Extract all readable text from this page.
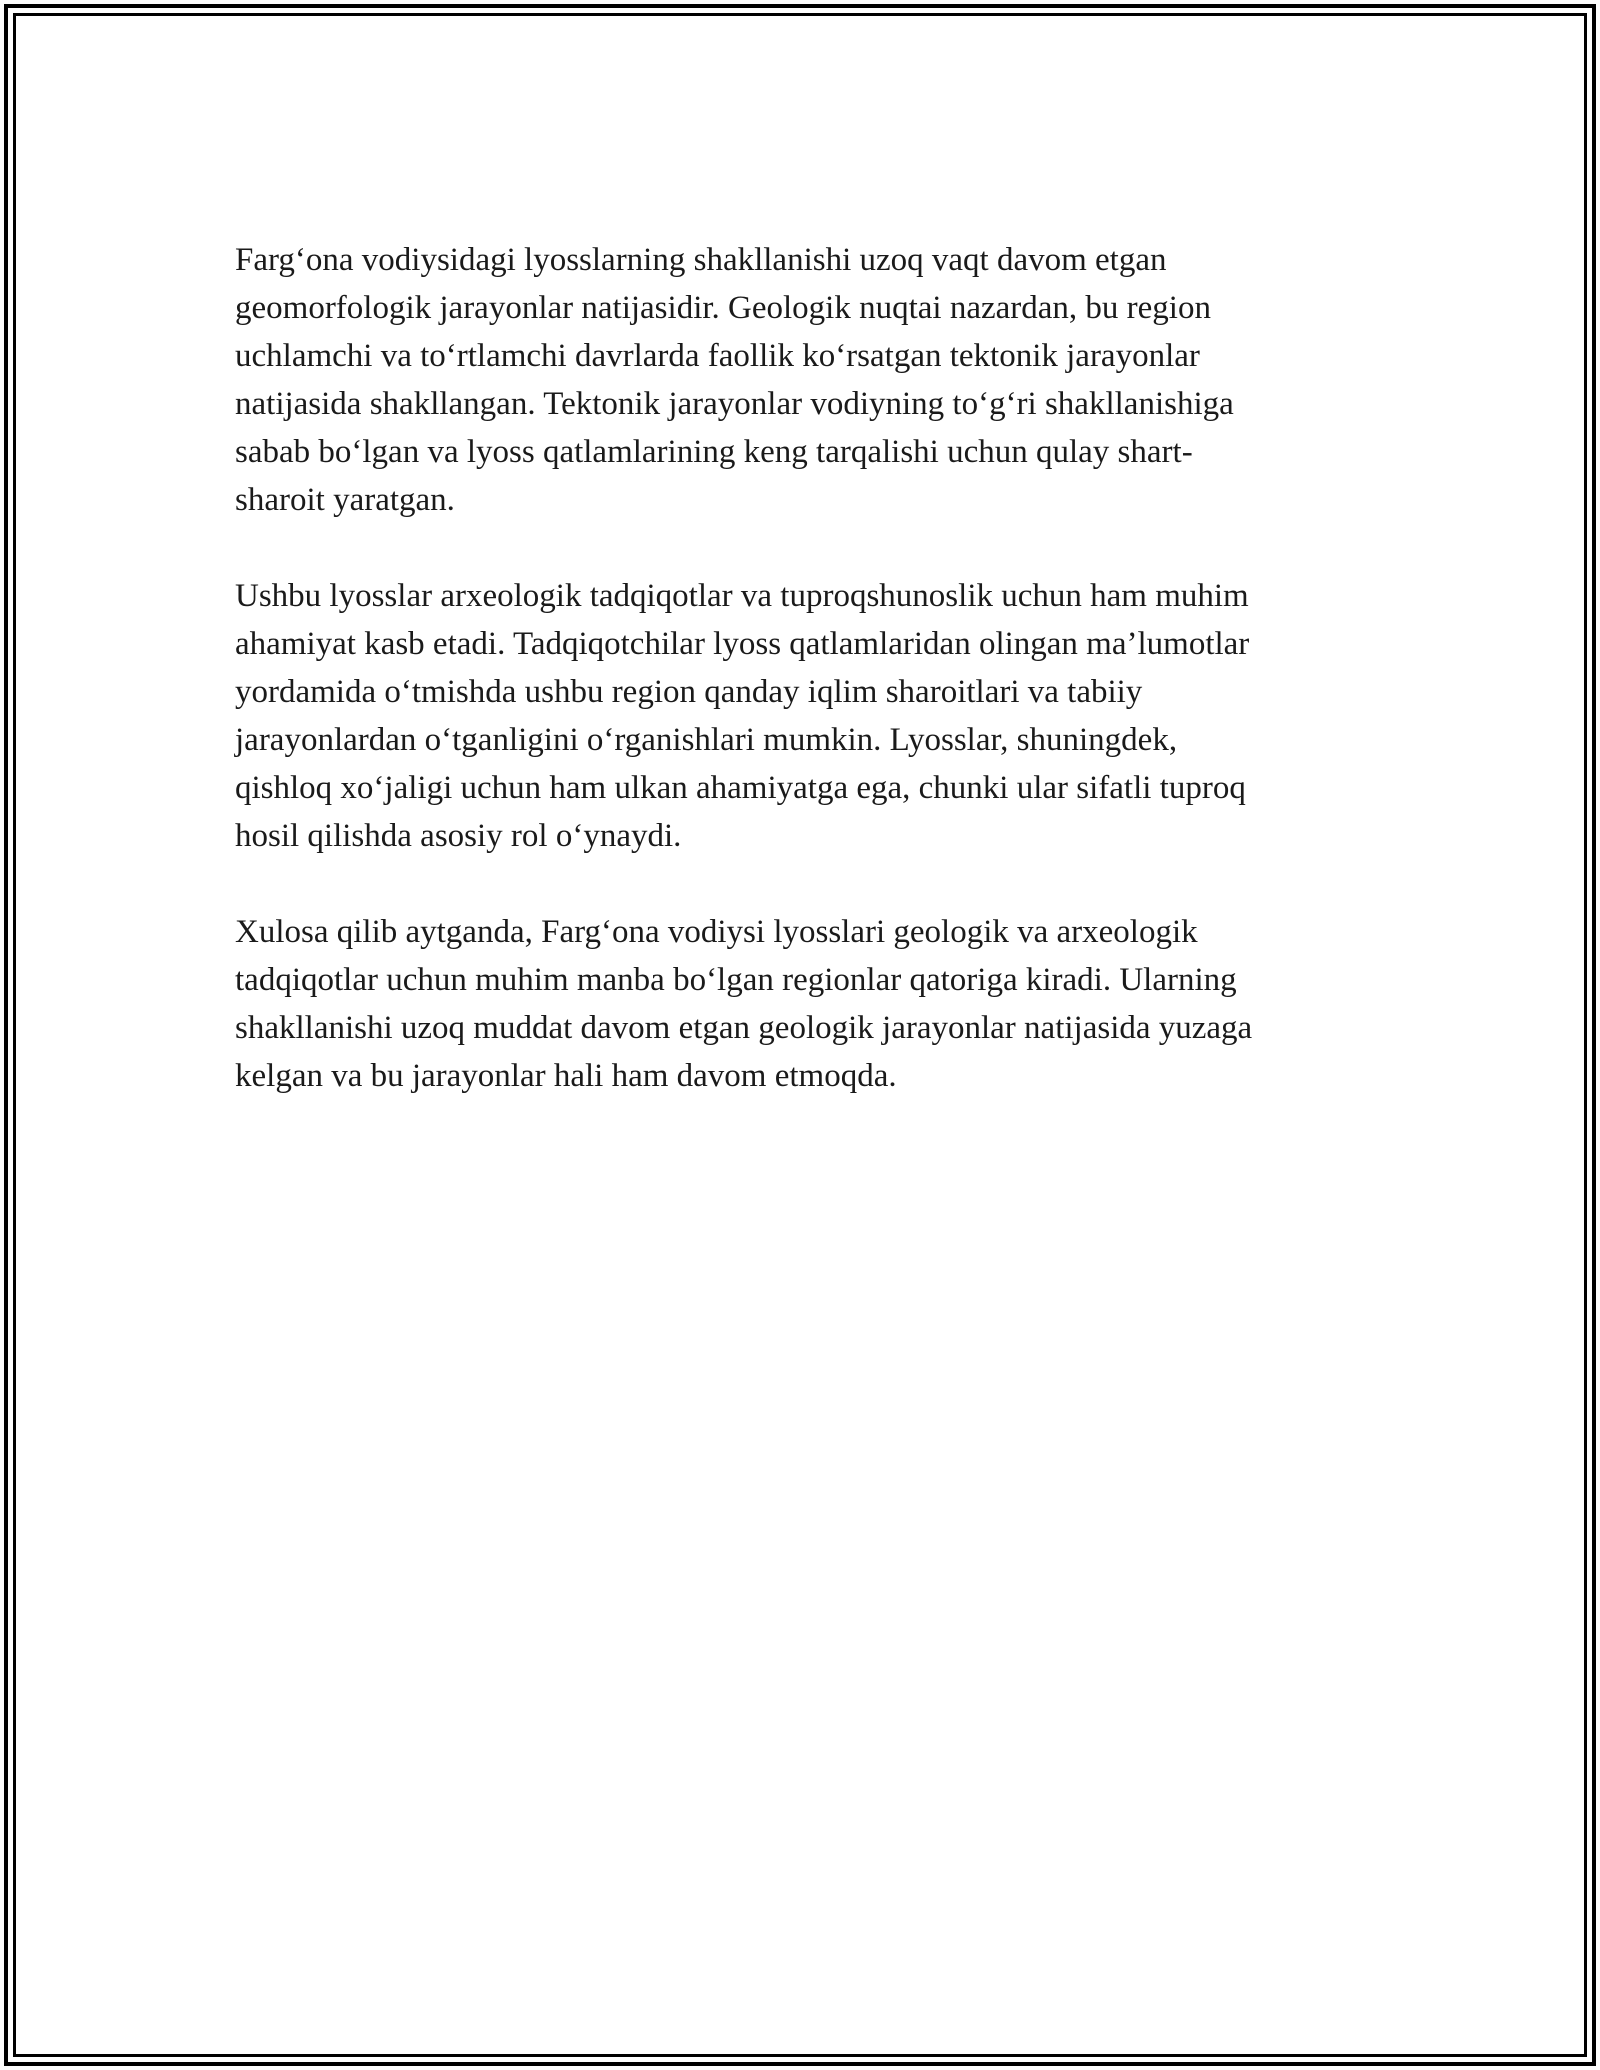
Farg‘ona vodiysidagi lyosslarning shakllanishi uzoq vaqt davom etgan
geomorfologik jarayonlar natijasidir. Geologik nuqtai nazardan, bu region
uchlamchi va to‘rtlamchi davrlarda faollik ko‘rsatgan tektonik jarayonlar
natijasida shakllangan. Tektonik jarayonlar vodiyning to‘g‘ri shakllanishiga
sabab bo‘lgan va lyoss qatlamlarining keng tarqalishi uchun qulay shart-
sharoit yaratgan.

Ushbu lyosslar arxeologik tadqiqotlar va tuproqshunoslik uchun ham muhim
ahamiyat kasb etadi. Tadqiqotchilar lyoss qatlamlaridan olingan ma’lumotlar
yordamida o‘tmishda ushbu region qanday iqlim sharoitlari va tabiiy
jarayonlardan o‘tganligini o‘rganishlari mumkin. Lyosslar, shuningdek,
qishloq xo‘jaligi uchun ham ulkan ahamiyatga ega, chunki ular sifatli tuproq
hosil qilishda asosiy rol o‘ynaydi.

Xulosa qilib aytganda, Farg‘ona vodiysi lyosslari geologik va arxeologik
tadqiqotlar uchun muhim manba bo‘lgan regionlar qatoriga kiradi. Ularning
shakllanishi uzoq muddat davom etgan geologik jarayonlar natijasida yuzaga
kelgan va bu jarayonlar hali ham davom etmoqda.
